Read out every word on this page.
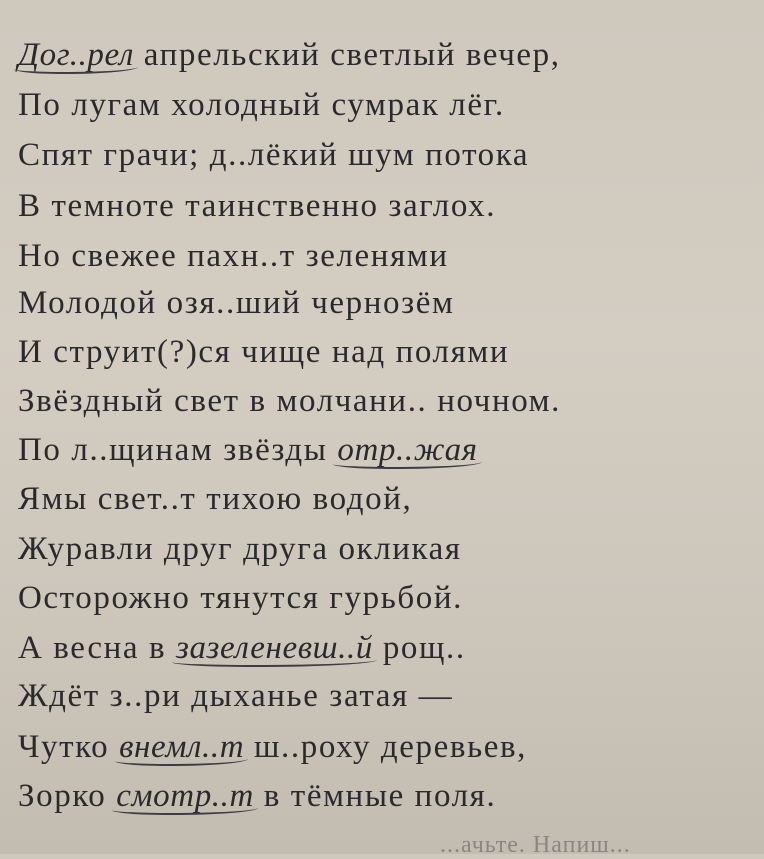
Дог..рел апрельский светлый вечер,
По лугам холодный сумрак лёг.
Спят грачи; д..лёкий шум потока
В темноте таинственно заглох.
Но свежее пахн..т зеленями
Молодой озя..ший чернозём
И струит(?)ся чище над полями
Звёздный свет в молчани.. ночном.
По л..щинам звёзды отр..жая
Ямы свет..т тихою водой,
Журавли друг друга окликая
Осторожно тянутся гурьбой.
А весна в зазеленевш..й рощ..
Ждёт з..ри дыханье затая —
Чутко внемл..т ш..роху деревьев,
Зорко смотр..т в тёмные поля.
...ачьте. Напиш...
